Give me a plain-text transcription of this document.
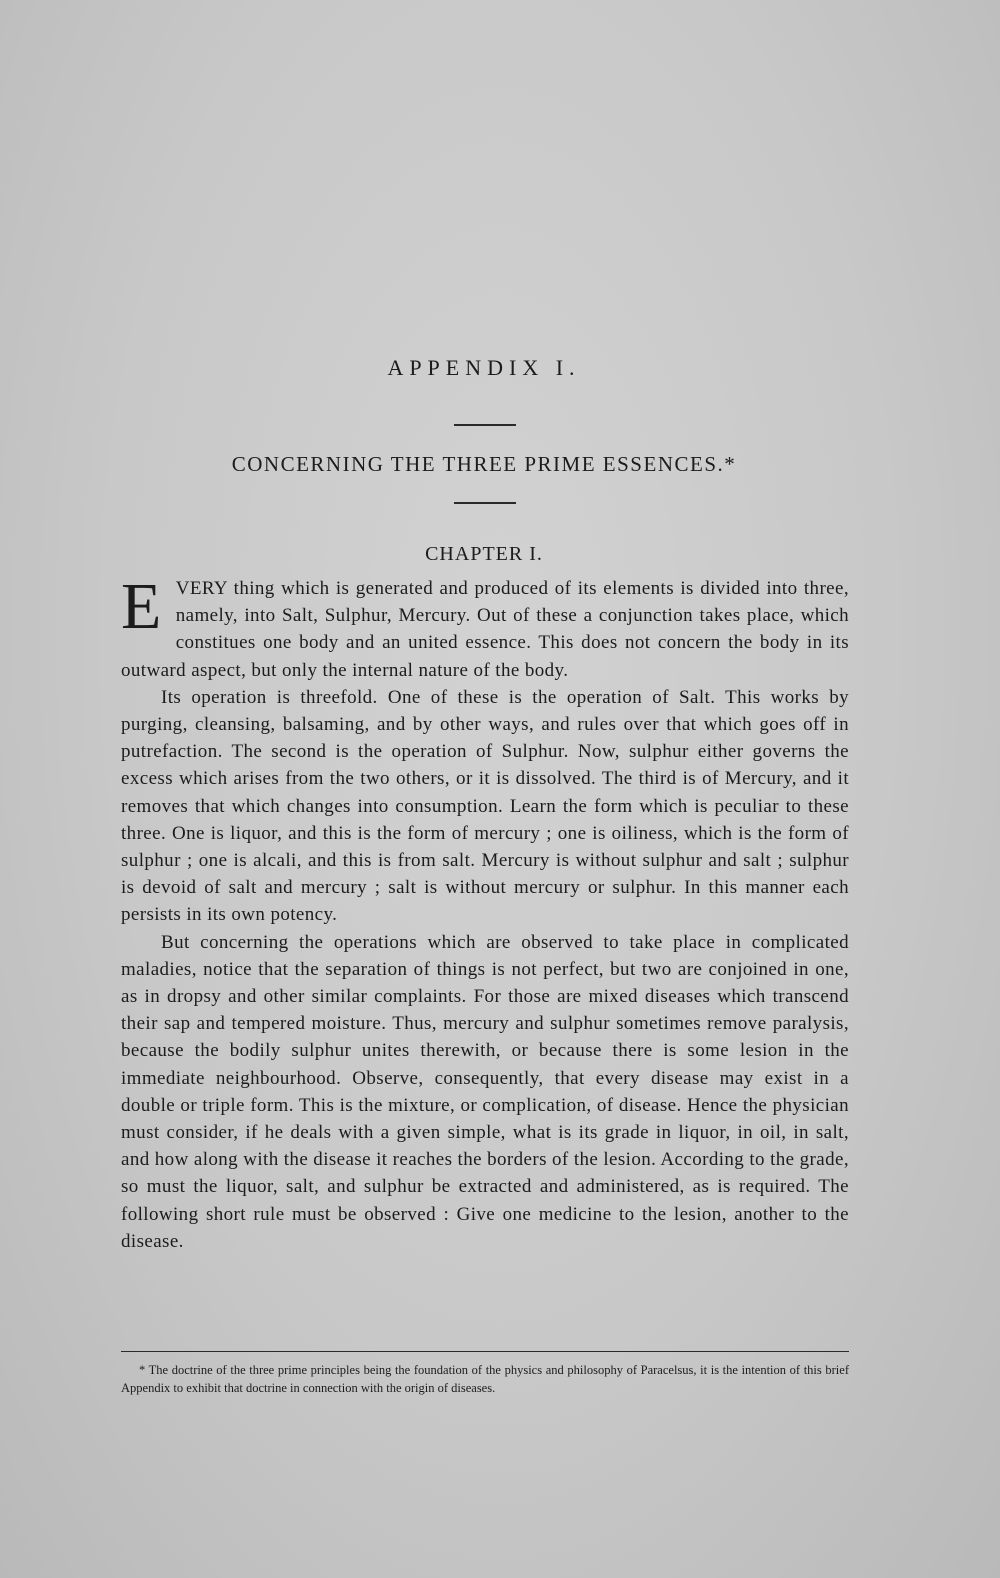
APPENDIX I.
CONCERNING THE THREE PRIME ESSENCES.*
CHAPTER I.

EVERY thing which is generated and produced of its elements is divided into three, namely, into Salt, Sulphur, Mercury. Out of these a conjunction takes place, which constitues one body and an united essence. This does not concern the body in its outward aspect, but only the internal nature of the body.

Its operation is threefold. One of these is the operation of Salt. This works by purging, cleansing, balsaming, and by other ways, and rules over that which goes off in putrefaction. The second is the operation of Sulphur. Now, sulphur either governs the excess which arises from the two others, or it is dissolved. The third is of Mercury, and it removes that which changes into consumption. Learn the form which is peculiar to these three. One is liquor, and this is the form of mercury ; one is oiliness, which is the form of sulphur ; one is alcali, and this is from salt. Mercury is without sulphur and salt ; sulphur is devoid of salt and mercury ; salt is without mercury or sulphur. In this manner each persists in its own potency.

But concerning the operations which are observed to take place in complicated maladies, notice that the separation of things is not perfect, but two are conjoined in one, as in dropsy and other similar complaints. For those are mixed diseases which transcend their sap and tempered moisture. Thus, mercury and sulphur sometimes remove paralysis, because the bodily sulphur unites therewith, or because there is some lesion in the immediate neighbourhood. Observe, consequently, that every disease may exist in a double or triple form. This is the mixture, or complication, of disease. Hence the physician must consider, if he deals with a given simple, what is its grade in liquor, in oil, in salt, and how along with the disease it reaches the borders of the lesion. According to the grade, so must the liquor, salt, and sulphur be extracted and administered, as is required. The following short rule must be observed : Give one medicine to the lesion, another to the disease.

* The doctrine of the three prime principles being the foundation of the physics and philosophy of Paracelsus, it is the intention of this brief Appendix to exhibit that doctrine in connection with the origin of diseases.
